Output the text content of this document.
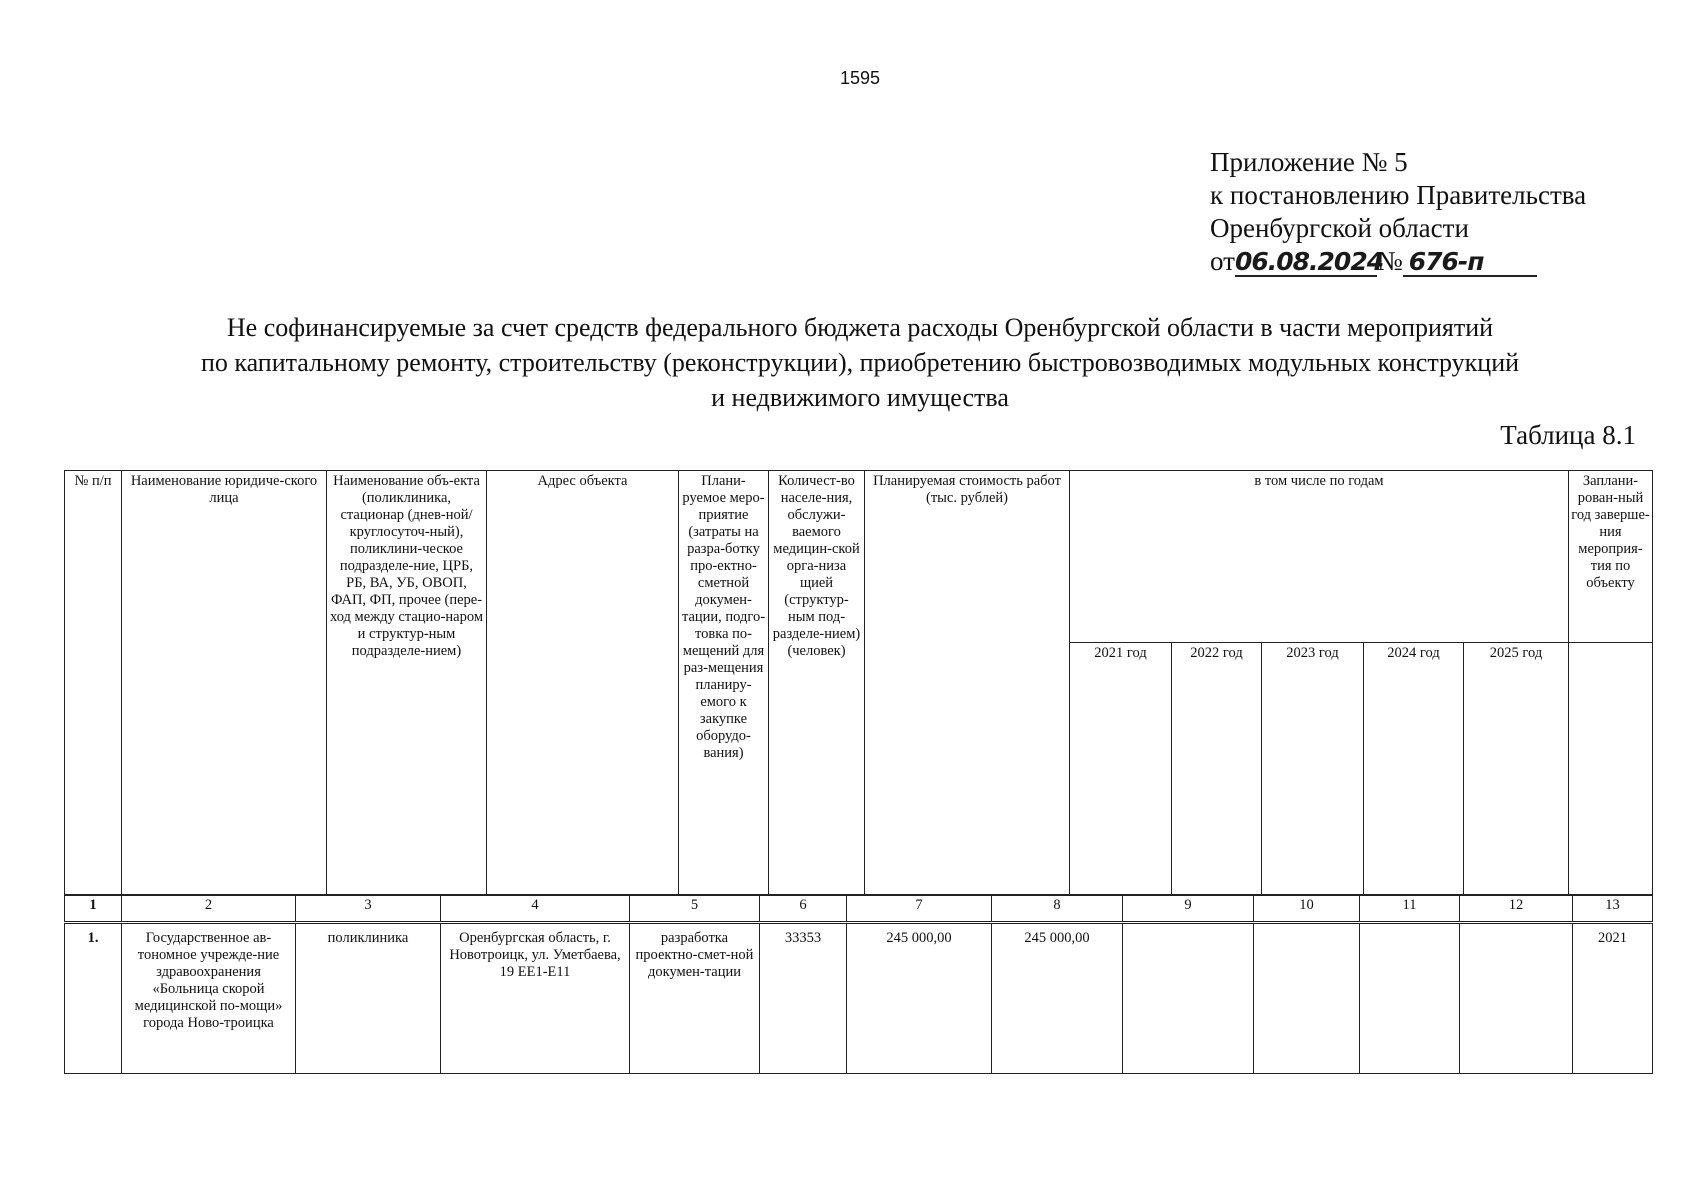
1595
Приложение № 5
к постановлению Правительства
Оренбургской области
от06.08.2024№ 676-п
Не софинансируемые за счет средств федерального бюджета расходы Оренбургской области в части мероприятий
по капитальному ремонту, строительству (реконструкции), приобретению быстровозводимых модульных конструкций
и недвижимого имущества
Таблица 8.1
№ п/п	Наименование юридиче-ского лица	Наименование объ-екта (поликлиника, стационар (днев-ной/круглосуточ-ный), поликлини-ческое подразделе-ние, ЦРБ, РБ, ВА, УБ, ОВОП, ФАП, ФП, прочее (пере-ход между стацио-наром и структур-ным подразделе-нием)	Адрес объекта	Плани-руемое меро-приятие (затраты на разра-ботку про-ектно-сметной докумен-тации, подго-товка по-мещений для раз-мещения планиру-емого к закупке оборудо-вания)	Количест-во населе-ния, обслужи-ваемого медицин-ской орга-низа щией (структур-ным под-разделе-нием) (человек)	Планируемая стоимость работ (тыс. рублей)	в том числе по годам					Заплани-рован-ный год заверше-ния мероприя-тия по объекту
							2021 год	2022 год	2023 год	2024 год	2025 год	
1	2	3	4	5	6	7	8	9	10	11	12	13
1.	Государственное ав-тономное учрежде-ние здравоохранения «Больница скорой медицинской по-мощи» города Ново-троицка	поликлиника	Оренбургская область, г. Новотроицк, ул. Уметбаева, 19 ЕЕ1-Е11	разработка проектно-смет-ной докумен-тации	33353	245 000,00	245 000,00					2021
